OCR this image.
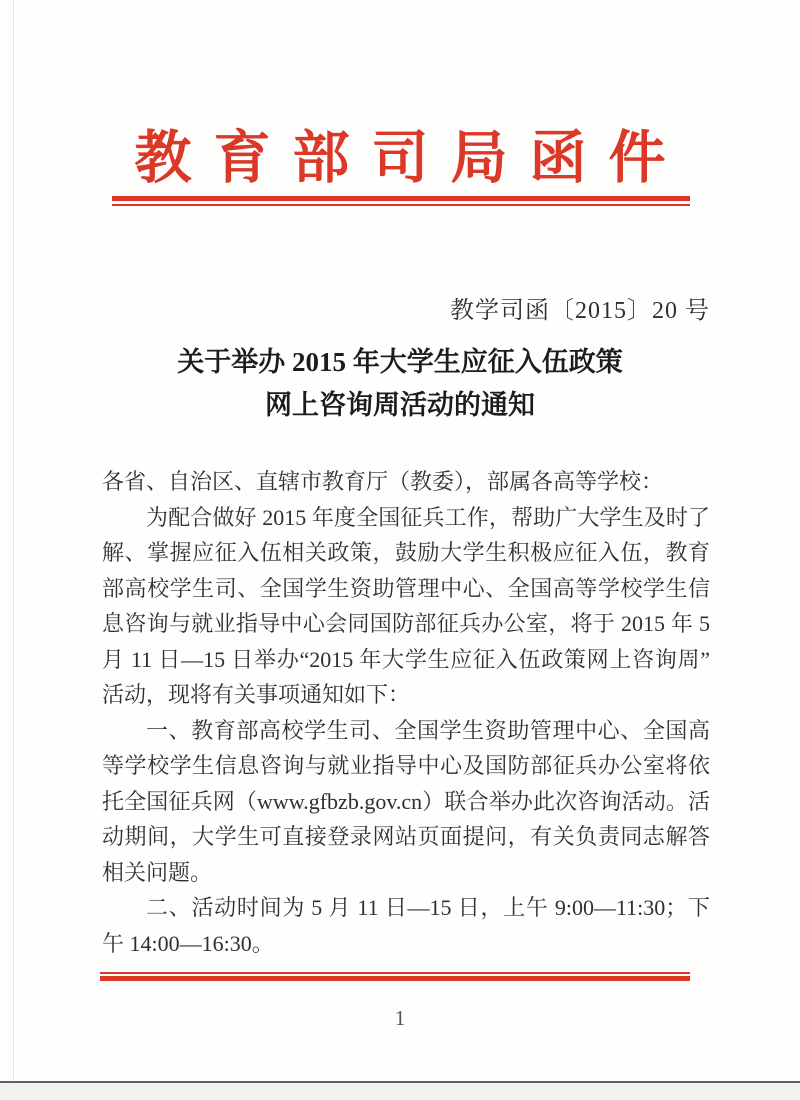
教育部司局函件
教学司函〔2015〕20 号
关于举办 2015 年大学生应征入伍政策
网上咨询周活动的通知
各省、自治区、直辖市教育厅（教委），部属各高等学校：
为配合做好 2015 年度全国征兵工作，帮助广大学生及时了
解、掌握应征入伍相关政策，鼓励大学生积极应征入伍，教育
部高校学生司、全国学生资助管理中心、全国高等学校学生信
息咨询与就业指导中心会同国防部征兵办公室，将于 2015 年 5
月 11 日—15 日举办“2015 年大学生应征入伍政策网上咨询周”
活动，现将有关事项通知如下：
一、教育部高校学生司、全国学生资助管理中心、全国高
等学校学生信息咨询与就业指导中心及国防部征兵办公室将依
托全国征兵网（www.gfbzb.gov.cn）联合举办此次咨询活动。活
动期间，大学生可直接登录网站页面提问，有关负责同志解答
相关问题。
二、活动时间为 5 月 11 日—15 日，上午 9:00—11:30；下
午 14:00—16:30。
1
